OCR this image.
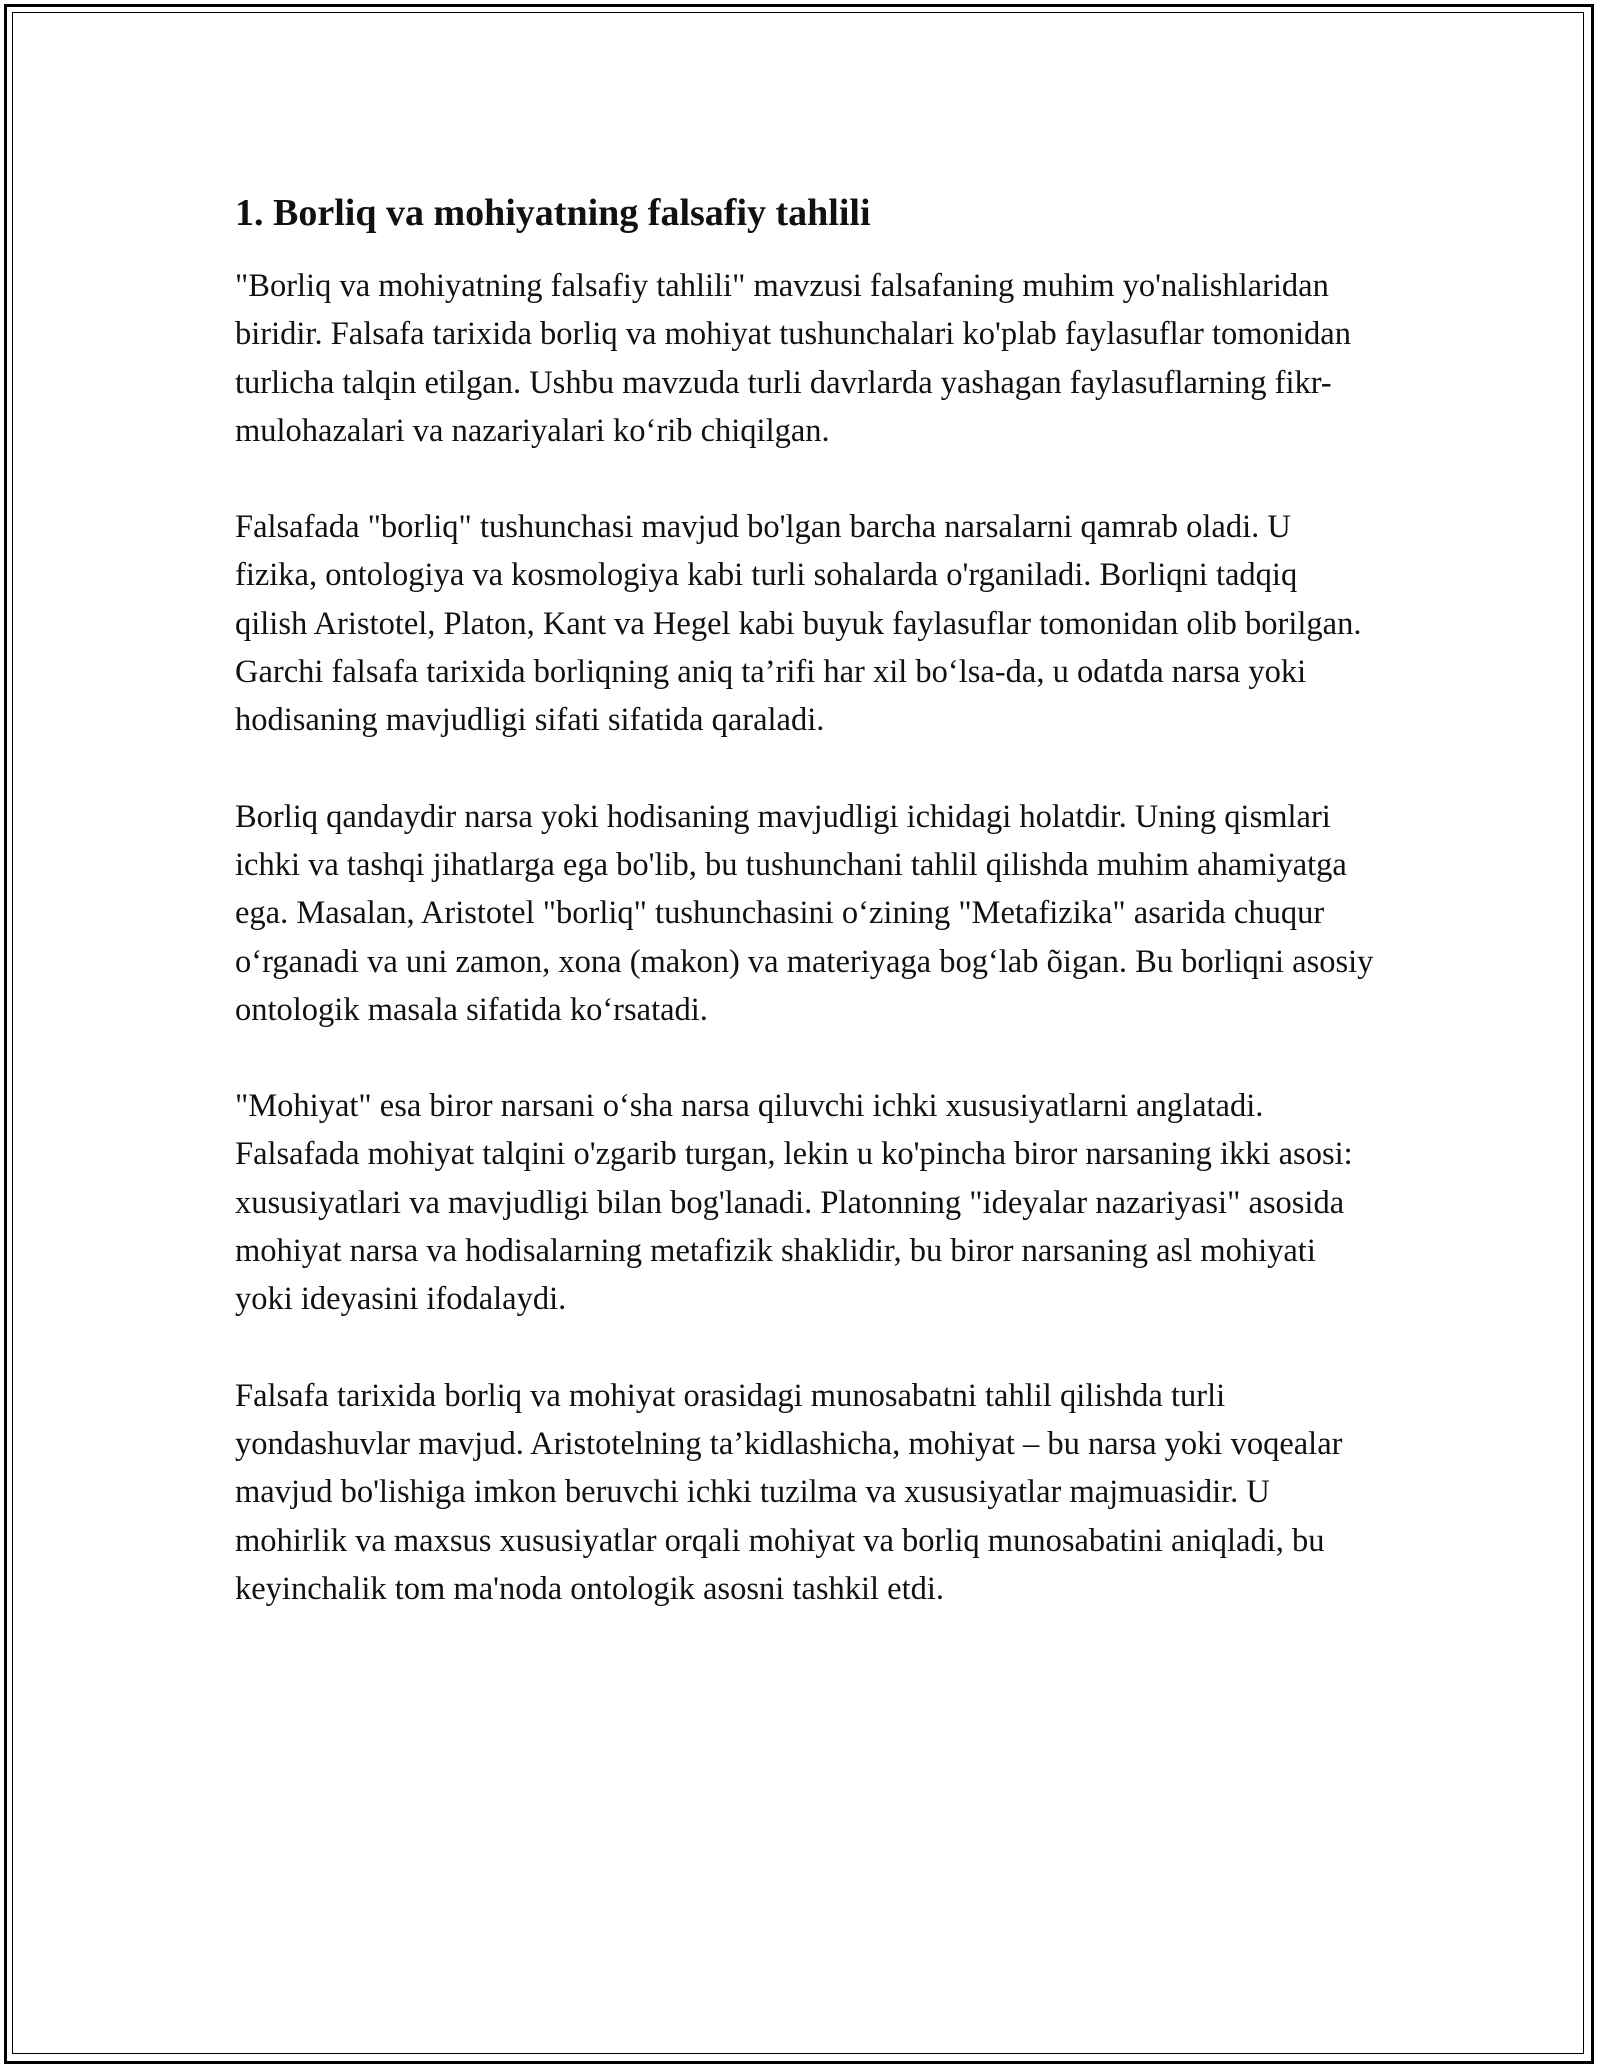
1. Borliq va mohiyatning falsafiy tahlili

"Borliq va mohiyatning falsafiy tahlili" mavzusi falsafaning muhim yo'nalishlaridan biridir. Falsafa tarixida borliq va mohiyat tushunchalari ko'plab faylasuflar tomonidan turlicha talqin etilgan. Ushbu mavzuda turli davrlarda yashagan faylasuflarning fikr-mulohazalari va nazariyalari ko‘rib chiqilgan.

Falsafada "borliq" tushunchasi mavjud bo'lgan barcha narsalarni qamrab oladi. U fizika, ontologiya va kosmologiya kabi turli sohalarda o'rganiladi. Borliqni tadqiq qilish Aristotel, Platon, Kant va Hegel kabi buyuk faylasuflar tomonidan olib borilgan. Garchi falsafa tarixida borliqning aniq ta’rifi har xil bo‘lsa-da, u odatda narsa yoki hodisaning mavjudligi sifati sifatida qaraladi.

Borliq qandaydir narsa yoki hodisaning mavjudligi ichidagi holatdir. Uning qismlari ichki va tashqi jihatlarga ega bo'lib, bu tushunchani tahlil qilishda muhim ahamiyatga ega. Masalan, Aristotel "borliq" tushunchasini o‘zining "Metafizika" asarida chuqur o‘rganadi va uni zamon, xona (makon) va materiyaga bog‘lab õigan. Bu borliqni asosiy ontologik masala sifatida ko‘rsatadi.

"Mohiyat" esa biror narsani o‘sha narsa qiluvchi ichki xususiyatlarni anglatadi. Falsafada mohiyat talqini o'zgarib turgan, lekin u ko'pincha biror narsaning ikki asosi: xususiyatlari va mavjudligi bilan bog'lanadi. Platonning "ideyalar nazariyasi" asosida mohiyat narsa va hodisalarning metafizik shaklidir, bu biror narsaning asl mohiyati yoki ideyasini ifodalaydi.

Falsafa tarixida borliq va mohiyat orasidagi munosabatni tahlil qilishda turli yondashuvlar mavjud. Aristotelning ta’kidlashicha, mohiyat – bu narsa yoki voqealar mavjud bo'lishiga imkon beruvchi ichki tuzilma va xususiyatlar majmuasidir. U mohirlik va maxsus xususiyatlar orqali mohiyat va borliq munosabatini aniqladi, bu keyinchalik tom ma'noda ontologik asosni tashkil etdi.
